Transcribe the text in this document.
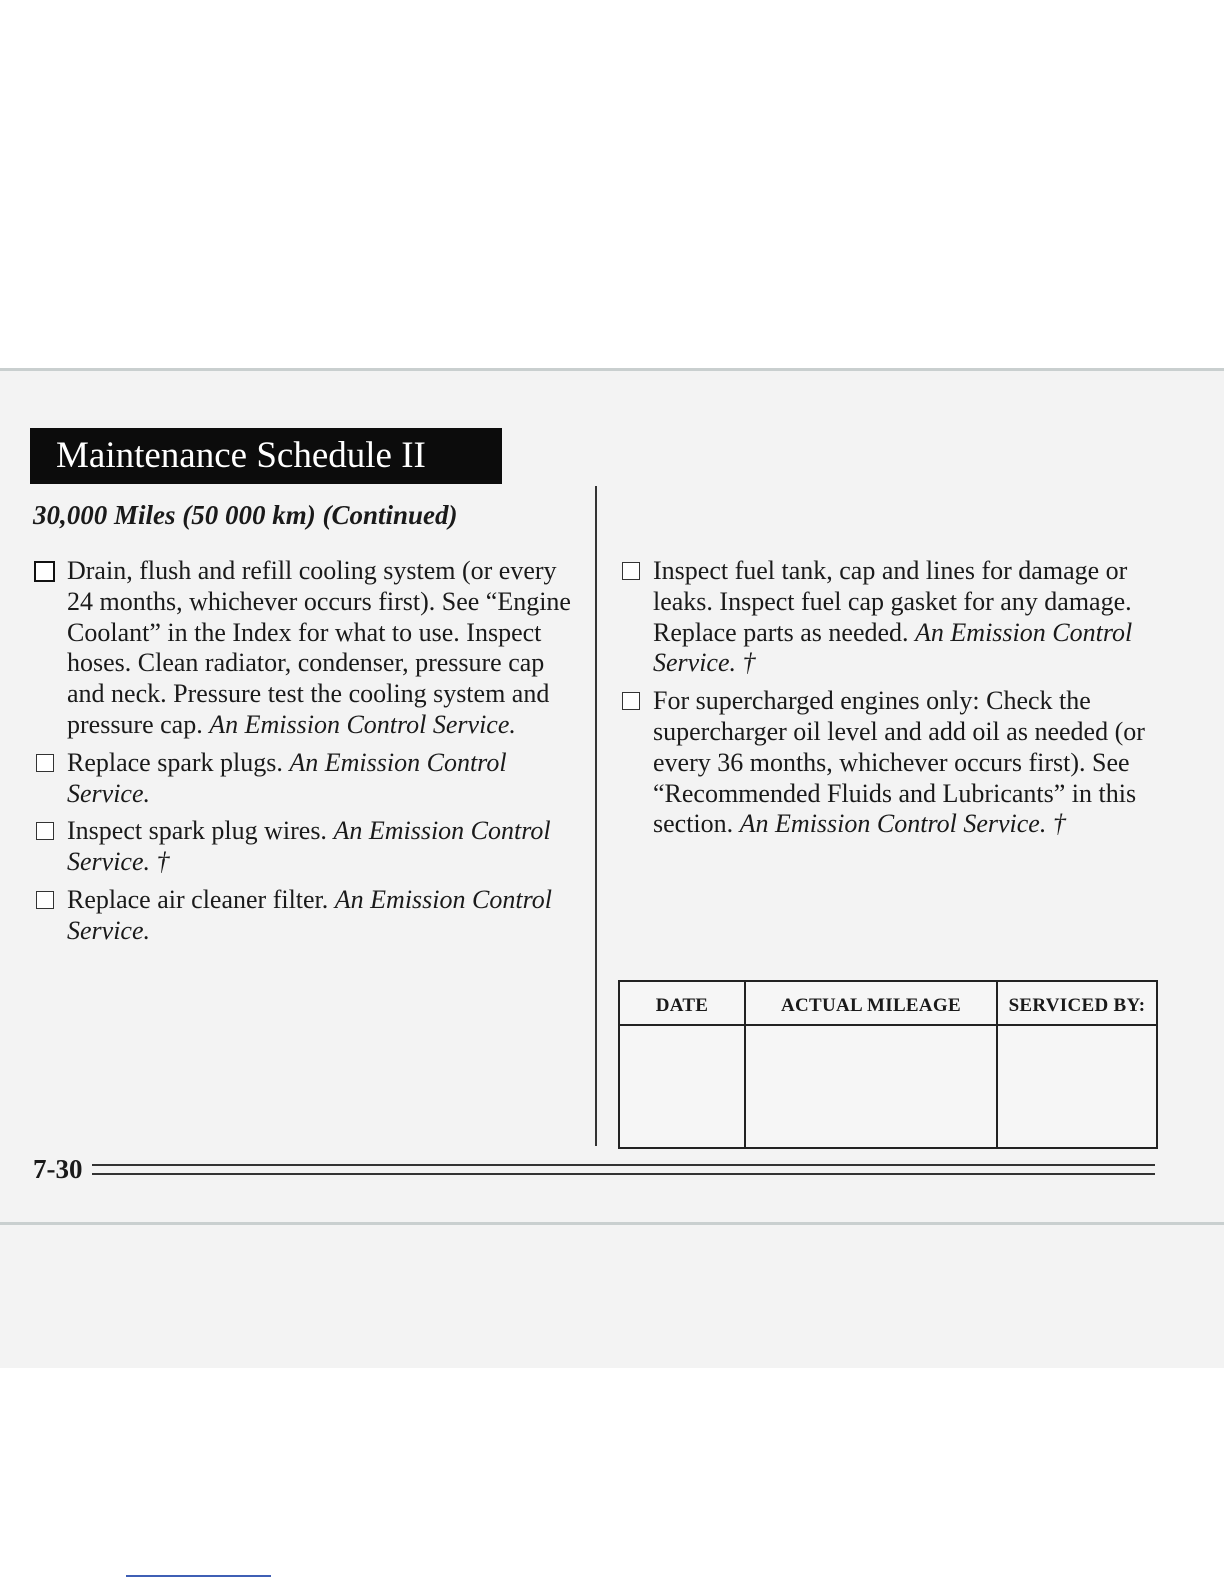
Maintenance Schedule II
30,000 Miles (50 000 km) (Continued)
Drain, flush and refill cooling system (or every 24 months, whichever occurs first). See “Engine Coolant” in the Index for what to use. Inspect hoses. Clean radiator, condenser, pressure cap and neck. Pressure test the cooling system and pressure cap. An Emission Control Service.
Replace spark plugs. An Emission Control Service.
Inspect spark plug wires. An Emission Control Service. †
Replace air cleaner filter. An Emission Control Service.
Inspect fuel tank, cap and lines for damage or leaks. Inspect fuel cap gasket for any damage. Replace parts as needed. An Emission Control Service. †
For supercharged engines only: Check the supercharger oil level and add oil as needed (or every 36 months, whichever occurs first). See “Recommended Fluids and Lubricants” in this section. An Emission Control Service. †
DATE	ACTUAL MILEAGE	SERVICED BY:
7-30
